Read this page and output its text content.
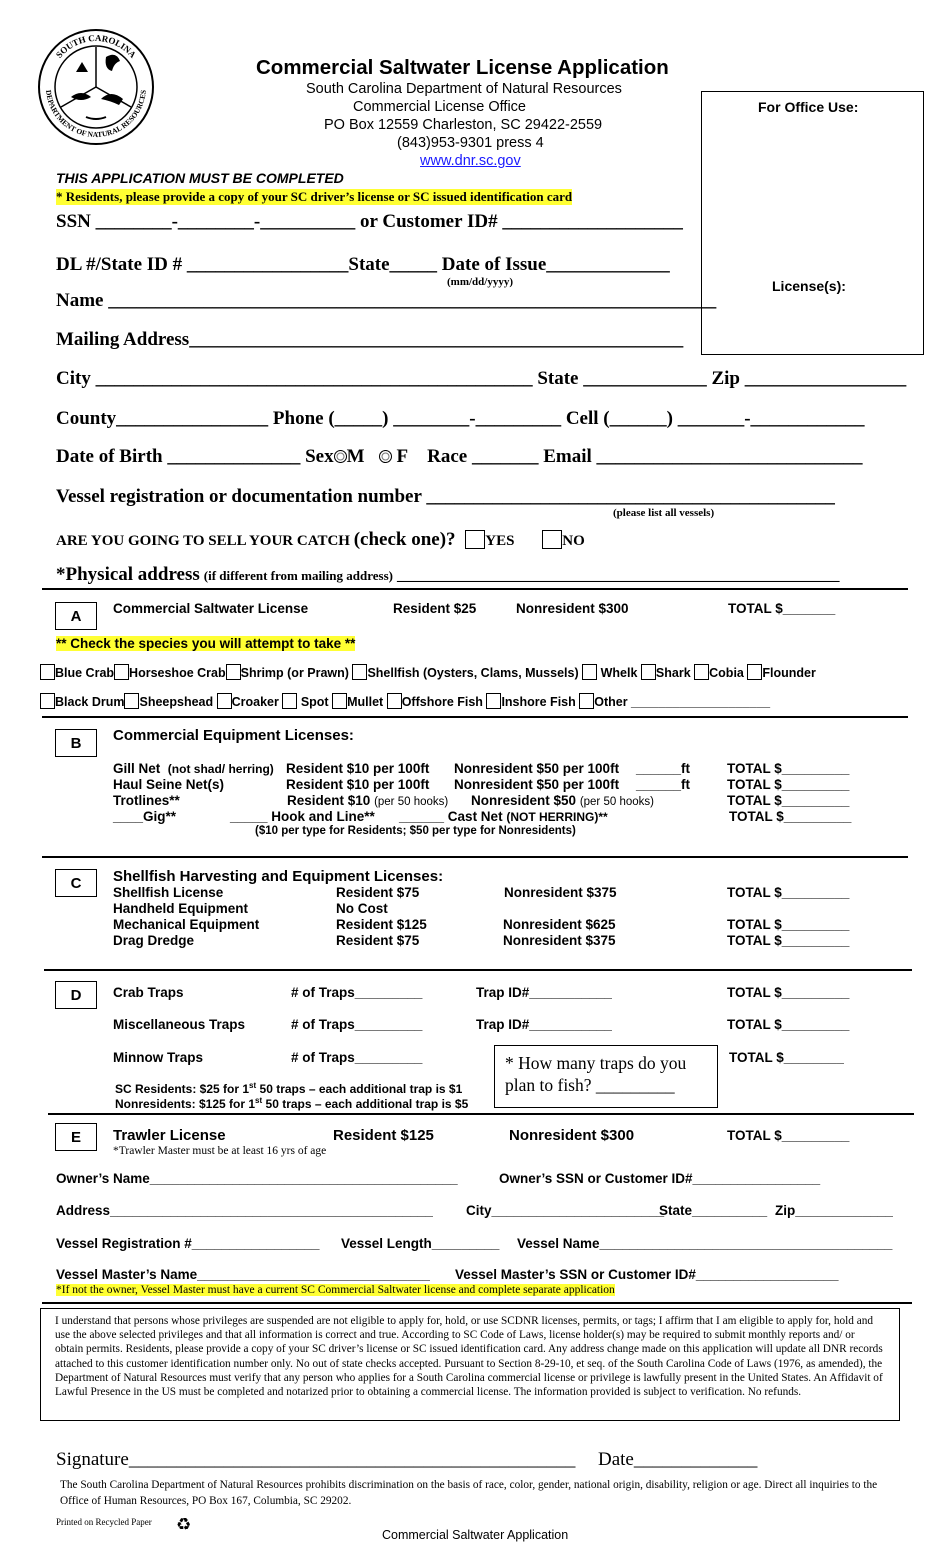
SOUTH CAROLINA
DEPARTMENT OF NATURAL RESOURCES
Commercial Saltwater License Application
South Carolina Department of Natural Resources
Commercial License Office
PO Box 12559 Charleston, SC 29422-2559
(843)953-9301 press 4
www.dnr.sc.gov
For Office Use:
License(s):
THIS APPLICATION MUST BE COMPLETED
* Residents, please provide a copy of your SC driver’s license or SC issued identification card
SSN ________-________-__________ or Customer ID# ___________________
DL #/State ID # _________________State_____ Date of Issue_____________
(mm/dd/yyyy)
Name ________________________________________________________________
Mailing Address____________________________________________________
City ______________________________________________ State _____________ Zip _________________
County________________ Phone (_____) ________-_________ Cell (______) _______-____________
Date of Birth ______________ Sex M F Race _______ Email ____________________________
Vessel registration or documentation number ___________________________________________
(please list all vessels)
ARE YOU GOING TO SELL YOUR CATCH (check one)? YES	NO
*Physical address (if different from mailing address) ___________________________________________________________
A	Commercial Saltwater License	Resident $25	Nonresident $300	TOTAL $_______
** Check the species you will attempt to take **
Blue Crab Horseshoe Crab Shrimp (or Prawn) Shellfish (Oysters, Clams, Mussels) Whelk Shark Cobia Flounder
Black Drum Sheepshead Croaker Spot Mullet Offshore Fish Inshore Fish Other ____________________
B	Commercial Equipment Licenses:
Gill Net (not shad/ herring) Resident $10 per 100ft Nonresident $50 per 100ft ______ft	TOTAL $_________
Haul Seine Net(s)	Resident $10 per 100ft Nonresident $50 per 100ft ______ft	TOTAL $_________
Trotlines**	Resident $10 (per 50 hooks) Nonresident $50 (per 50 hooks)	TOTAL $_________
____Gig**	_____ Hook and Line** ______ Cast Net (NOT HERRING)**	TOTAL $_________
($10 per type for Residents; $50 per type for Nonresidents)
C	Shellfish Harvesting and Equipment Licenses:
Shellfish License	Resident $75	Nonresident $375	TOTAL $_________
Handheld Equipment	No Cost
Mechanical Equipment	Resident $125	Nonresident $625	TOTAL $_________
Drag Dredge	Resident $75	Nonresident $375	TOTAL $_________
D	Crab Traps	# of Traps_________	Trap ID#___________	TOTAL $_________
Miscellaneous Traps	# of Traps_________	Trap ID#___________	TOTAL $_________
Minnow Traps	# of Traps_________	TOTAL $________
* How many traps do you plan to fish? _________
SC Residents: $25 for 1st 50 traps – each additional trap is $1
Nonresidents: $125 for 1st 50 traps – each additional trap is $5
E	Trawler License	Resident $125	Nonresident $300	TOTAL $_________
*Trawler Master must be at least 16 yrs of age
Owner’s Name_________________________________________	Owner’s SSN or Customer ID#_________________
Address___________________________________________ City_______________________
State__________ Zip_____________
Vessel Registration #_________________ Vessel Length_________ Vessel Name_______________________________________
Vessel Master’s Name_______________________________ Vessel Master’s SSN or Customer ID#___________________
*If not the owner, Vessel Master must have a current SC Commercial Saltwater license and complete separate application
I understand that persons whose privileges are suspended are not eligible to apply for, hold, or use SCDNR licenses, permits, or tags; I affirm that I am eligible to apply for, hold and use the above selected privileges and that all information is correct and true. According to SC Code of Laws, license holder(s) may be required to submit monthly reports and/ or obtain permits. Residents, please provide a copy of your SC driver’s license or SC issued identification card. Any address change made on this application will update all DNR records attached to this customer identification number only. No out of state checks accepted. Pursuant to Section 8-29-10, et seq. of the South Carolina Code of Laws (1976, as amended), the Department of Natural Resources must verify that any person who applies for a South Carolina commercial license or privilege is lawfully present in the United States. An Affidavit of Lawful Presence in the US must be completed and notarized prior to obtaining a commercial license. The information provided is subject to verification. No refunds.
Signature_______________________________________________ Date_____________
The South Carolina Department of Natural Resources prohibits discrimination on the basis of race, color, gender, national origin, disability, religion or age. Direct all inquiries to the Office of Human Resources, PO Box 167, Columbia, SC 29202.
Printed on Recycled Paper ♻	Commercial Saltwater Application
